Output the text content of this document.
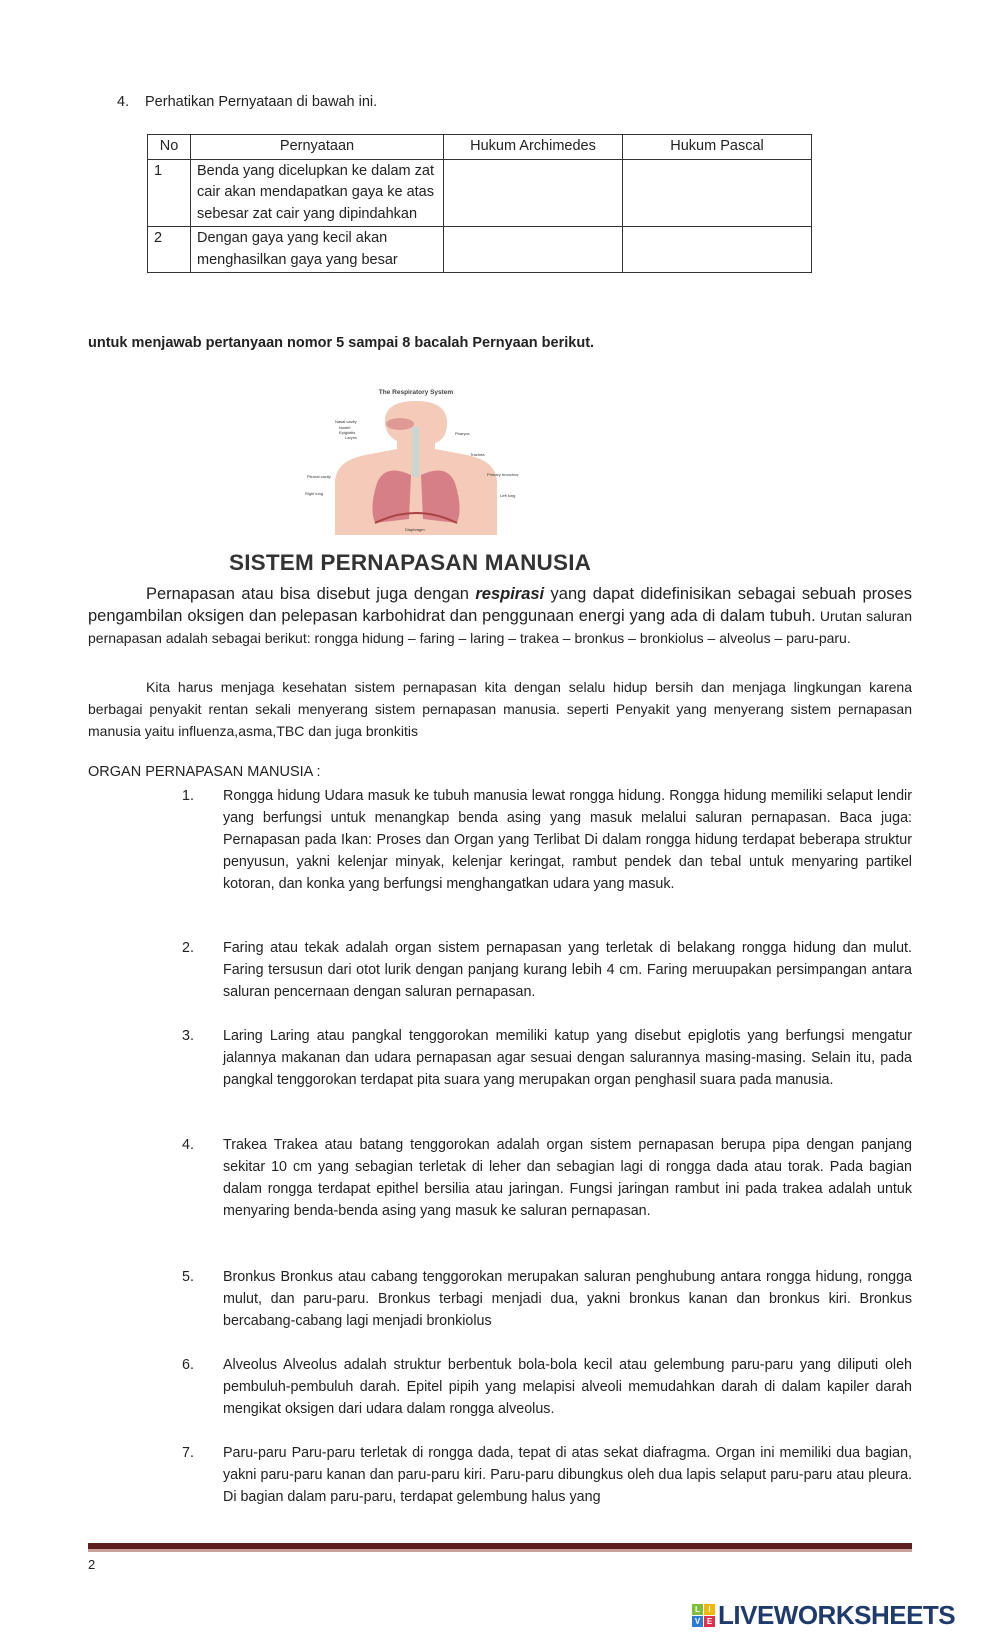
4. Perhatikan Pernyataan di bawah ini.
No	Pernyataan	Hukum Archimedes	Hukum Pascal
1	Benda yang dicelupkan ke dalam zat cair akan mendapatkan gaya ke atas sebesar zat cair yang dipindahkan		
2	Dengan gaya yang kecil akan menghasilkan gaya yang besar		
untuk menjawab pertanyaan nomor 5 sampai 8 bacalah Pernyaan berikut.
The Respiratory System
Nasal cavity
Nostril
Epiglottis
Larynx
Pharynx
Trachea
Pleural cavity	Primary bronchus
Right lung	Left lung
Diaphragm
SISTEM PERNAPASAN MANUSIA
Pernapasan atau bisa disebut juga dengan respirasi yang dapat didefinisikan sebagai sebuah proses pengambilan oksigen dan pelepasan karbohidrat dan penggunaan energi yang ada di dalam tubuh. Urutan saluran pernapasan adalah sebagai berikut: rongga hidung – faring – laring – trakea – bronkus – bronkiolus – alveolus – paru-paru.
Kita harus menjaga kesehatan sistem pernapasan kita dengan selalu hidup bersih dan menjaga lingkungan karena berbagai penyakit rentan sekali menyerang sistem pernapasan manusia. seperti Penyakit yang menyerang sistem pernapasan manusia yaitu influenza,asma,TBC dan juga bronkitis
ORGAN PERNAPASAN MANUSIA :
1. Rongga hidung Udara masuk ke tubuh manusia lewat rongga hidung. Rongga hidung memiliki selaput lendir yang berfungsi untuk menangkap benda asing yang masuk melalui saluran pernapasan. Baca juga: Pernapasan pada Ikan: Proses dan Organ yang Terlibat Di dalam rongga hidung terdapat beberapa struktur penyusun, yakni kelenjar minyak, kelenjar keringat, rambut pendek dan tebal untuk menyaring partikel kotoran, dan konka yang berfungsi menghangatkan udara yang masuk.
2. Faring atau tekak adalah organ sistem pernapasan yang terletak di belakang rongga hidung dan mulut. Faring tersusun dari otot lurik dengan panjang kurang lebih 4 cm. Faring meruupakan persimpangan antara saluran pencernaan dengan saluran pernapasan.
3. Laring Laring atau pangkal tenggorokan memiliki katup yang disebut epiglotis yang berfungsi mengatur jalannya makanan dan udara pernapasan agar sesuai dengan salurannya masing-masing. Selain itu, pada pangkal tenggorokan terdapat pita suara yang merupakan organ penghasil suara pada manusia.
4. Trakea Trakea atau batang tenggorokan adalah organ sistem pernapasan berupa pipa dengan panjang sekitar 10 cm yang sebagian terletak di leher dan sebagian lagi di rongga dada atau torak. Pada bagian dalam rongga terdapat epithel bersilia atau jaringan. Fungsi jaringan rambut ini pada trakea adalah untuk menyaring benda-benda asing yang masuk ke saluran pernapasan.
5. Bronkus Bronkus atau cabang tenggorokan merupakan saluran penghubung antara rongga hidung, rongga mulut, dan paru-paru. Bronkus terbagi menjadi dua, yakni bronkus kanan dan bronkus kiri. Bronkus bercabang-cabang lagi menjadi bronkiolus
6. Alveolus Alveolus adalah struktur berbentuk bola-bola kecil atau gelembung paru-paru yang diliputi oleh pembuluh-pembuluh darah. Epitel pipih yang melapisi alveoli memudahkan darah di dalam kapiler darah mengikat oksigen dari udara dalam rongga alveolus.
7. Paru-paru Paru-paru terletak di rongga dada, tepat di atas sekat diafragma. Organ ini memiliki dua bagian, yakni paru-paru kanan dan paru-paru kiri. Paru-paru dibungkus oleh dua lapis selaput paru-paru atau pleura. Di bagian dalam paru-paru, terdapat gelembung halus yang
2
L	I
V E LIVEWORKSHEETS
